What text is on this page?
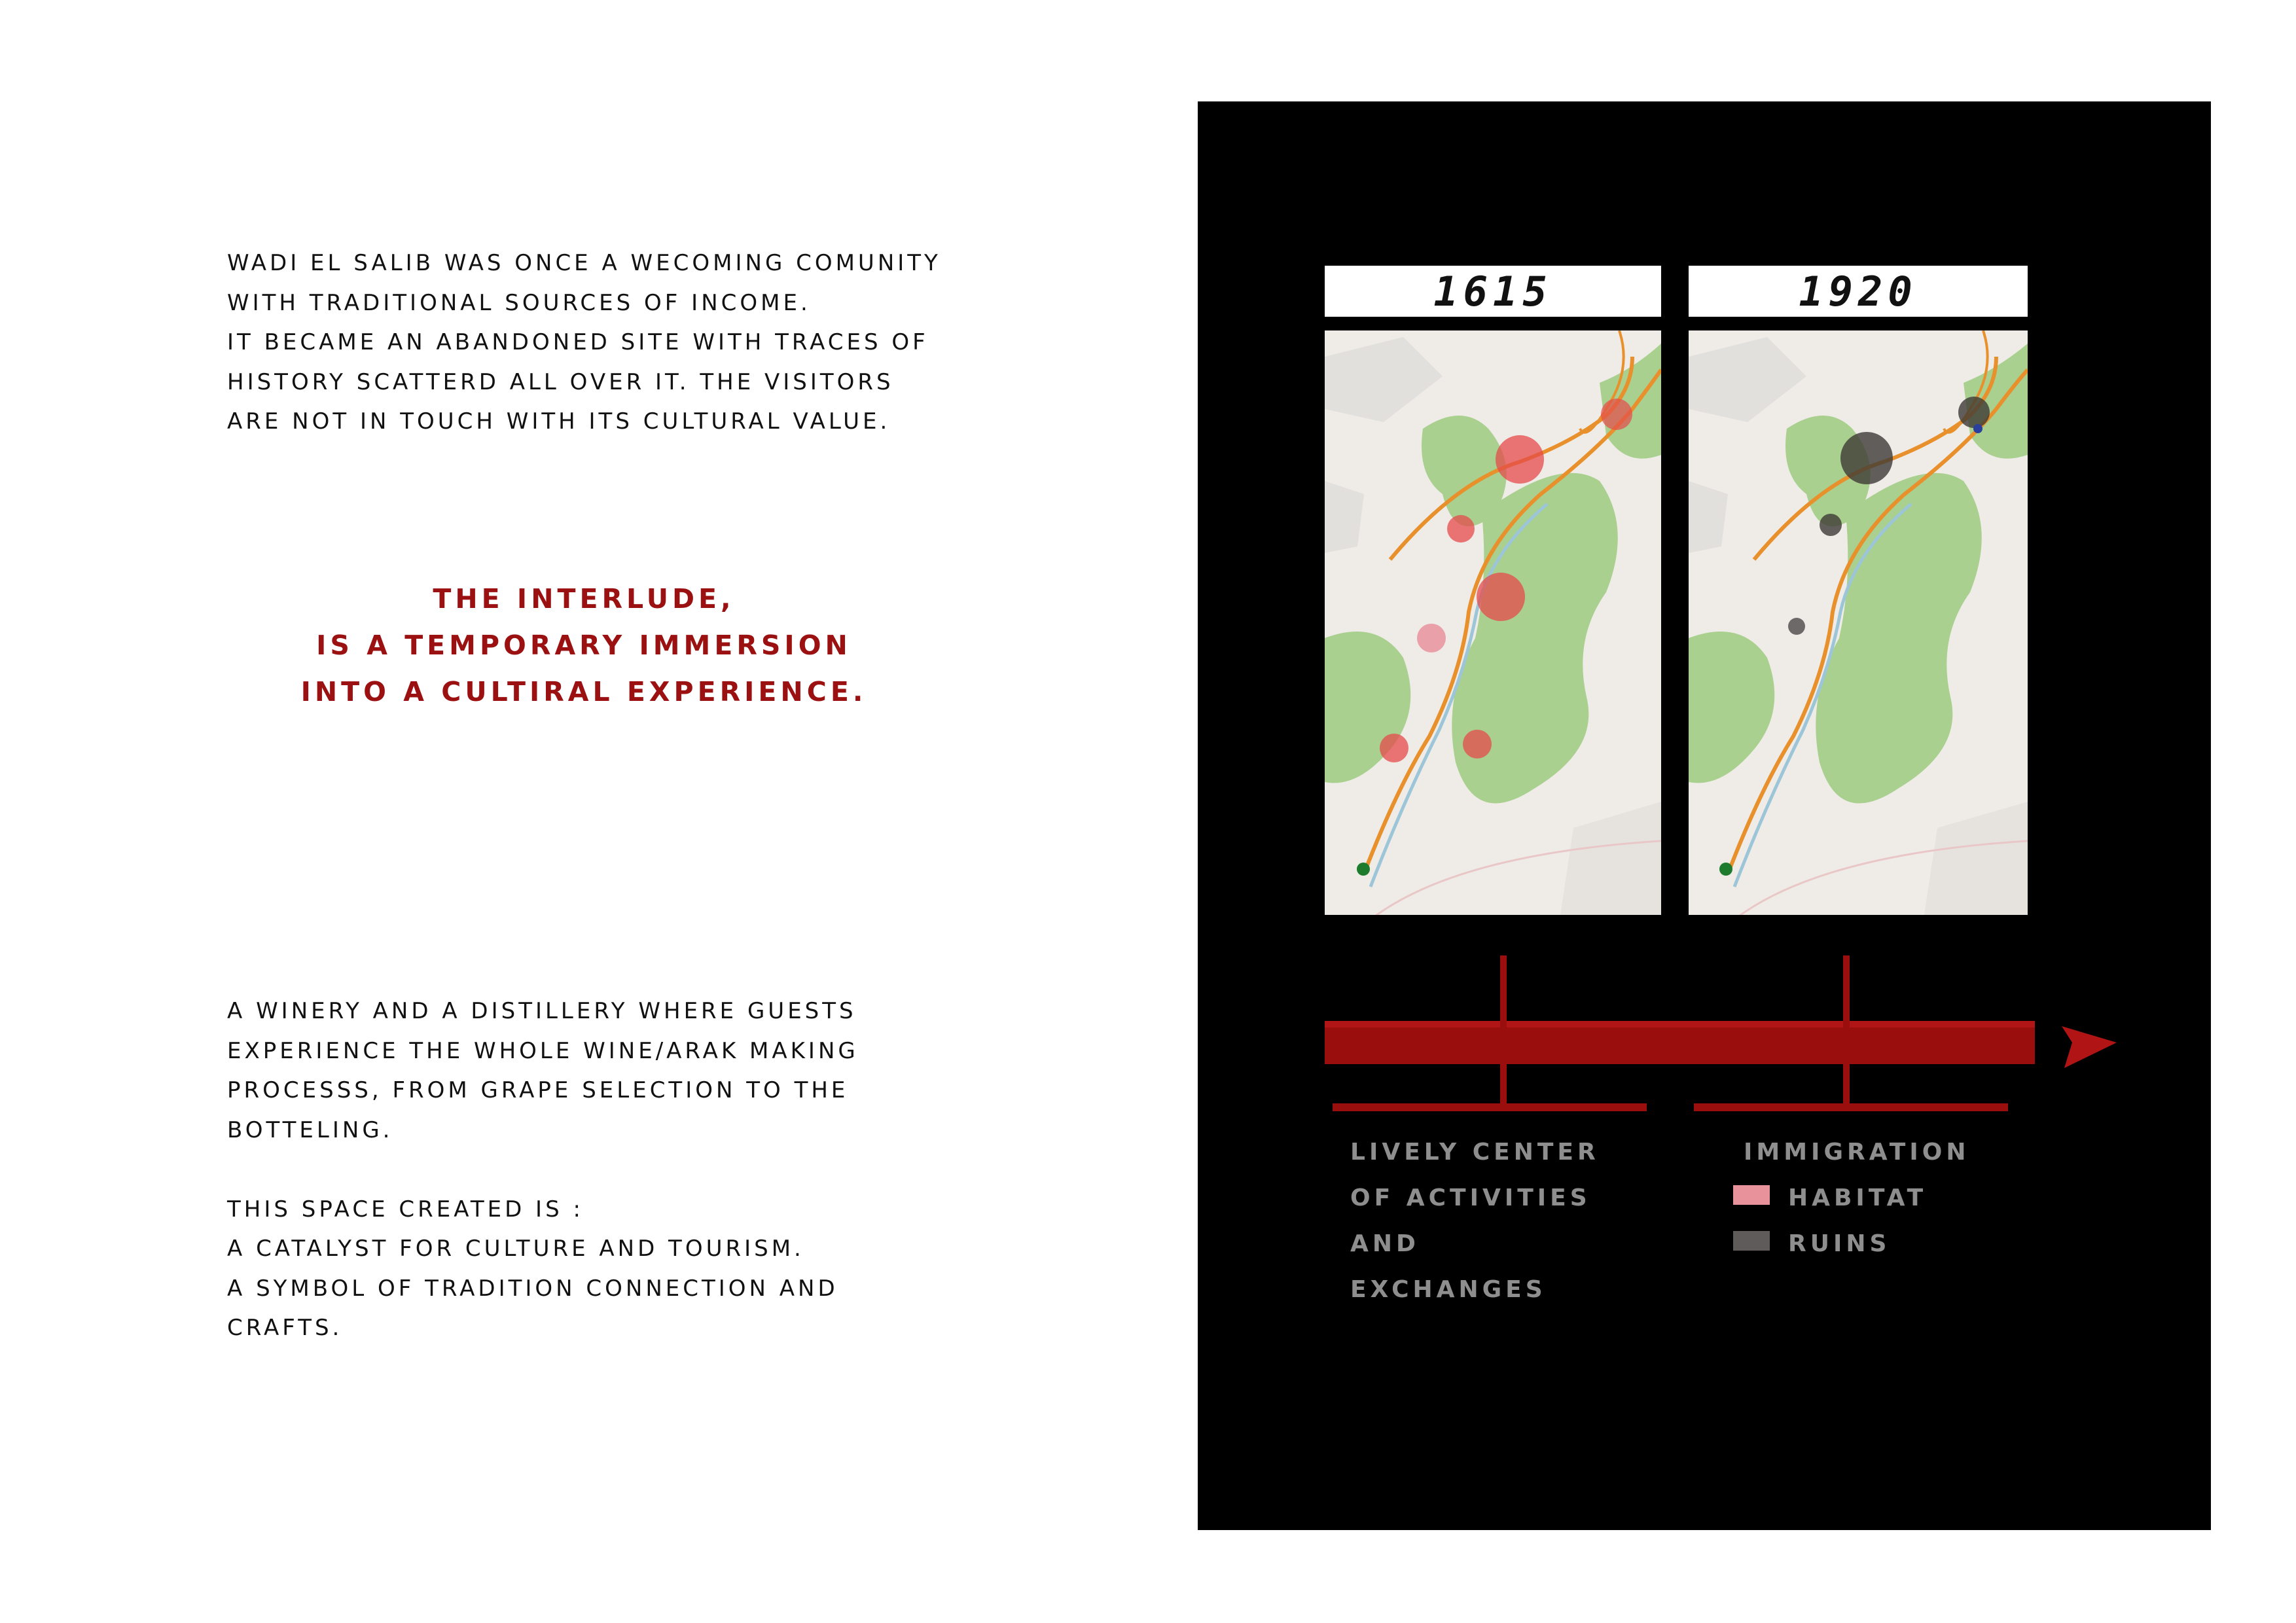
WADI EL SALIB WAS ONCE A WECOMING COMUNITY
WITH TRADITIONAL SOURCES OF INCOME.
IT BECAME AN ABANDONED SITE WITH TRACES OF
HISTORY SCATTERD ALL OVER IT. THE VISITORS
ARE NOT IN TOUCH WITH ITS CULTURAL VALUE.
THE INTERLUDE,
IS A TEMPORARY IMMERSION
INTO A CULTIRAL EXPERIENCE.
A WINERY AND A DISTILLERY WHERE GUESTS
EXPERIENCE THE WHOLE WINE/ARAK MAKING
PROCESSS, FROM GRAPE SELECTION TO THE
BOTTELING.
THIS SPACE CREATED IS :
A CATALYST FOR CULTURE AND TOURISM.
A SYMBOL OF TRADITION CONNECTION AND
CRAFTS.
1615	1920
LIVELY CENTER
OF ACTIVITIES
AND
EXCHANGES
IMMIGRATION
HABITAT
RUINS
